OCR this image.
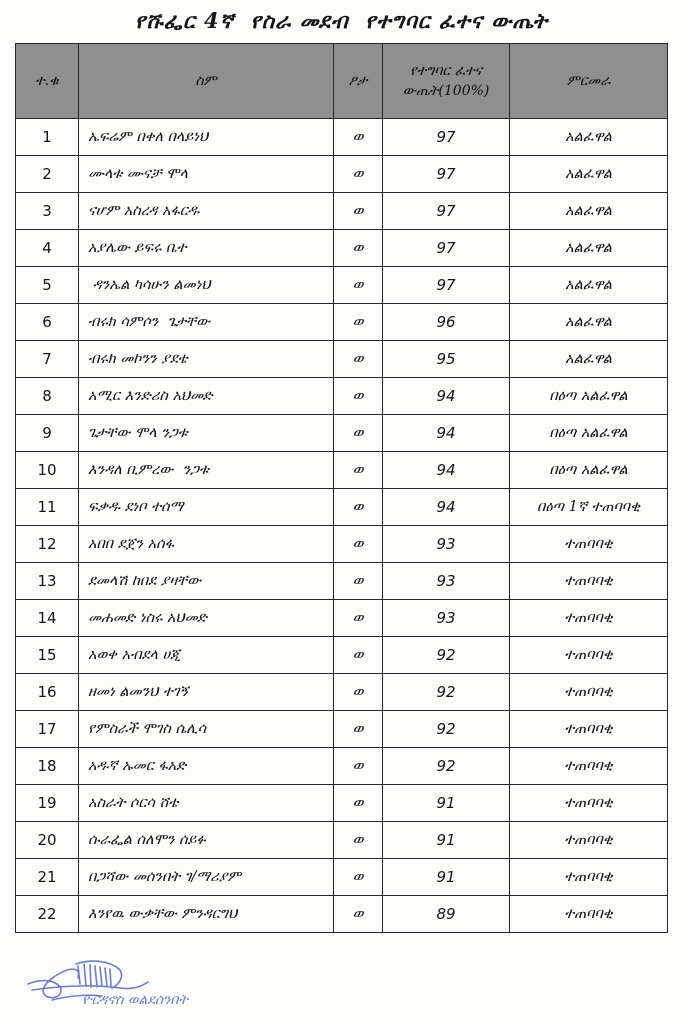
የሹፌር 4ኛ  የስራ መደብ  የተግባር ፈተና ውጤት
ተ.ቁ	ስም	ፆታ	የተግባር ፈተና ውጤት(100%)	ምርመራ
1	ኤፍሬም በቀለ በላይነህ	ወ	97	አልፈዋል
2	ሙላቱ ሙናቻ ሞላ	ወ	97	አልፈዋል
3	ናሆም አስረዳ አፋርዱ	ወ	97	አልፈዋል
4	አያሌው ይፍሩ ቤተ	ወ	97	አልፈዋል
5	ዳንኤል ካሳሁን ልመነህ	ወ	97	አልፈዋል
6	ብሩክ ሳምሶን  ጌታቸው	ወ	96	አልፈዋል
7	ብሩክ መኮንን ያደቴ	ወ	95	አልፈዋል
8	አሚር እንድሪስ አህመድ	ወ	94	በዕጣ አልፈዋል
9	ጌታቸው ሞላ ንጋቱ	ወ	94	በዕጣ አልፈዋል
10	እንዳለ ቢምረው  ንጋቱ	ወ	94	በዕጣ አልፈዋል
11	ፍቃዱ ደነቦ ተሰማ	ወ	94	በዕጣ 1ኛ ተጠባባቂ
12	አበበ ደጀን አሰፋ	ወ	93	ተጠባባቂ
13	ደመላሽ ከበደ ያዛቸው	ወ	93	ተጠባባቂ
14	መሐመድ ነስሩ አህመድ	ወ	93	ተጠባባቂ
15	አወቀ አብደላ ሀጂ	ወ	92	ተጠባባቂ
16	ዘመነ ልመንህ ተገኝ	ወ	92	ተጠባባቂ
17	የምስራች ሞገስ ሴሊሳ	ወ	92	ተጠባባቂ
18	አዱኛ ኡመር ፋአድ	ወ	92	ተጠባባቂ
19	አስራት ሶርሳ ሸቴ	ወ	91	ተጠባባቂ
20	ሱራፌል ሰለሞን ሰይፉ	ወ	91	ተጠባባቂ
21	በጋሻው መሰንበት ገ/ማሪያም	ወ	91	ተጠባባቂ
22	እንየዉ ውቃቸው ምንዳርግህ	ወ	89	ተጠባባቂ
ዮርዳኖስ ወልደሰንበት
